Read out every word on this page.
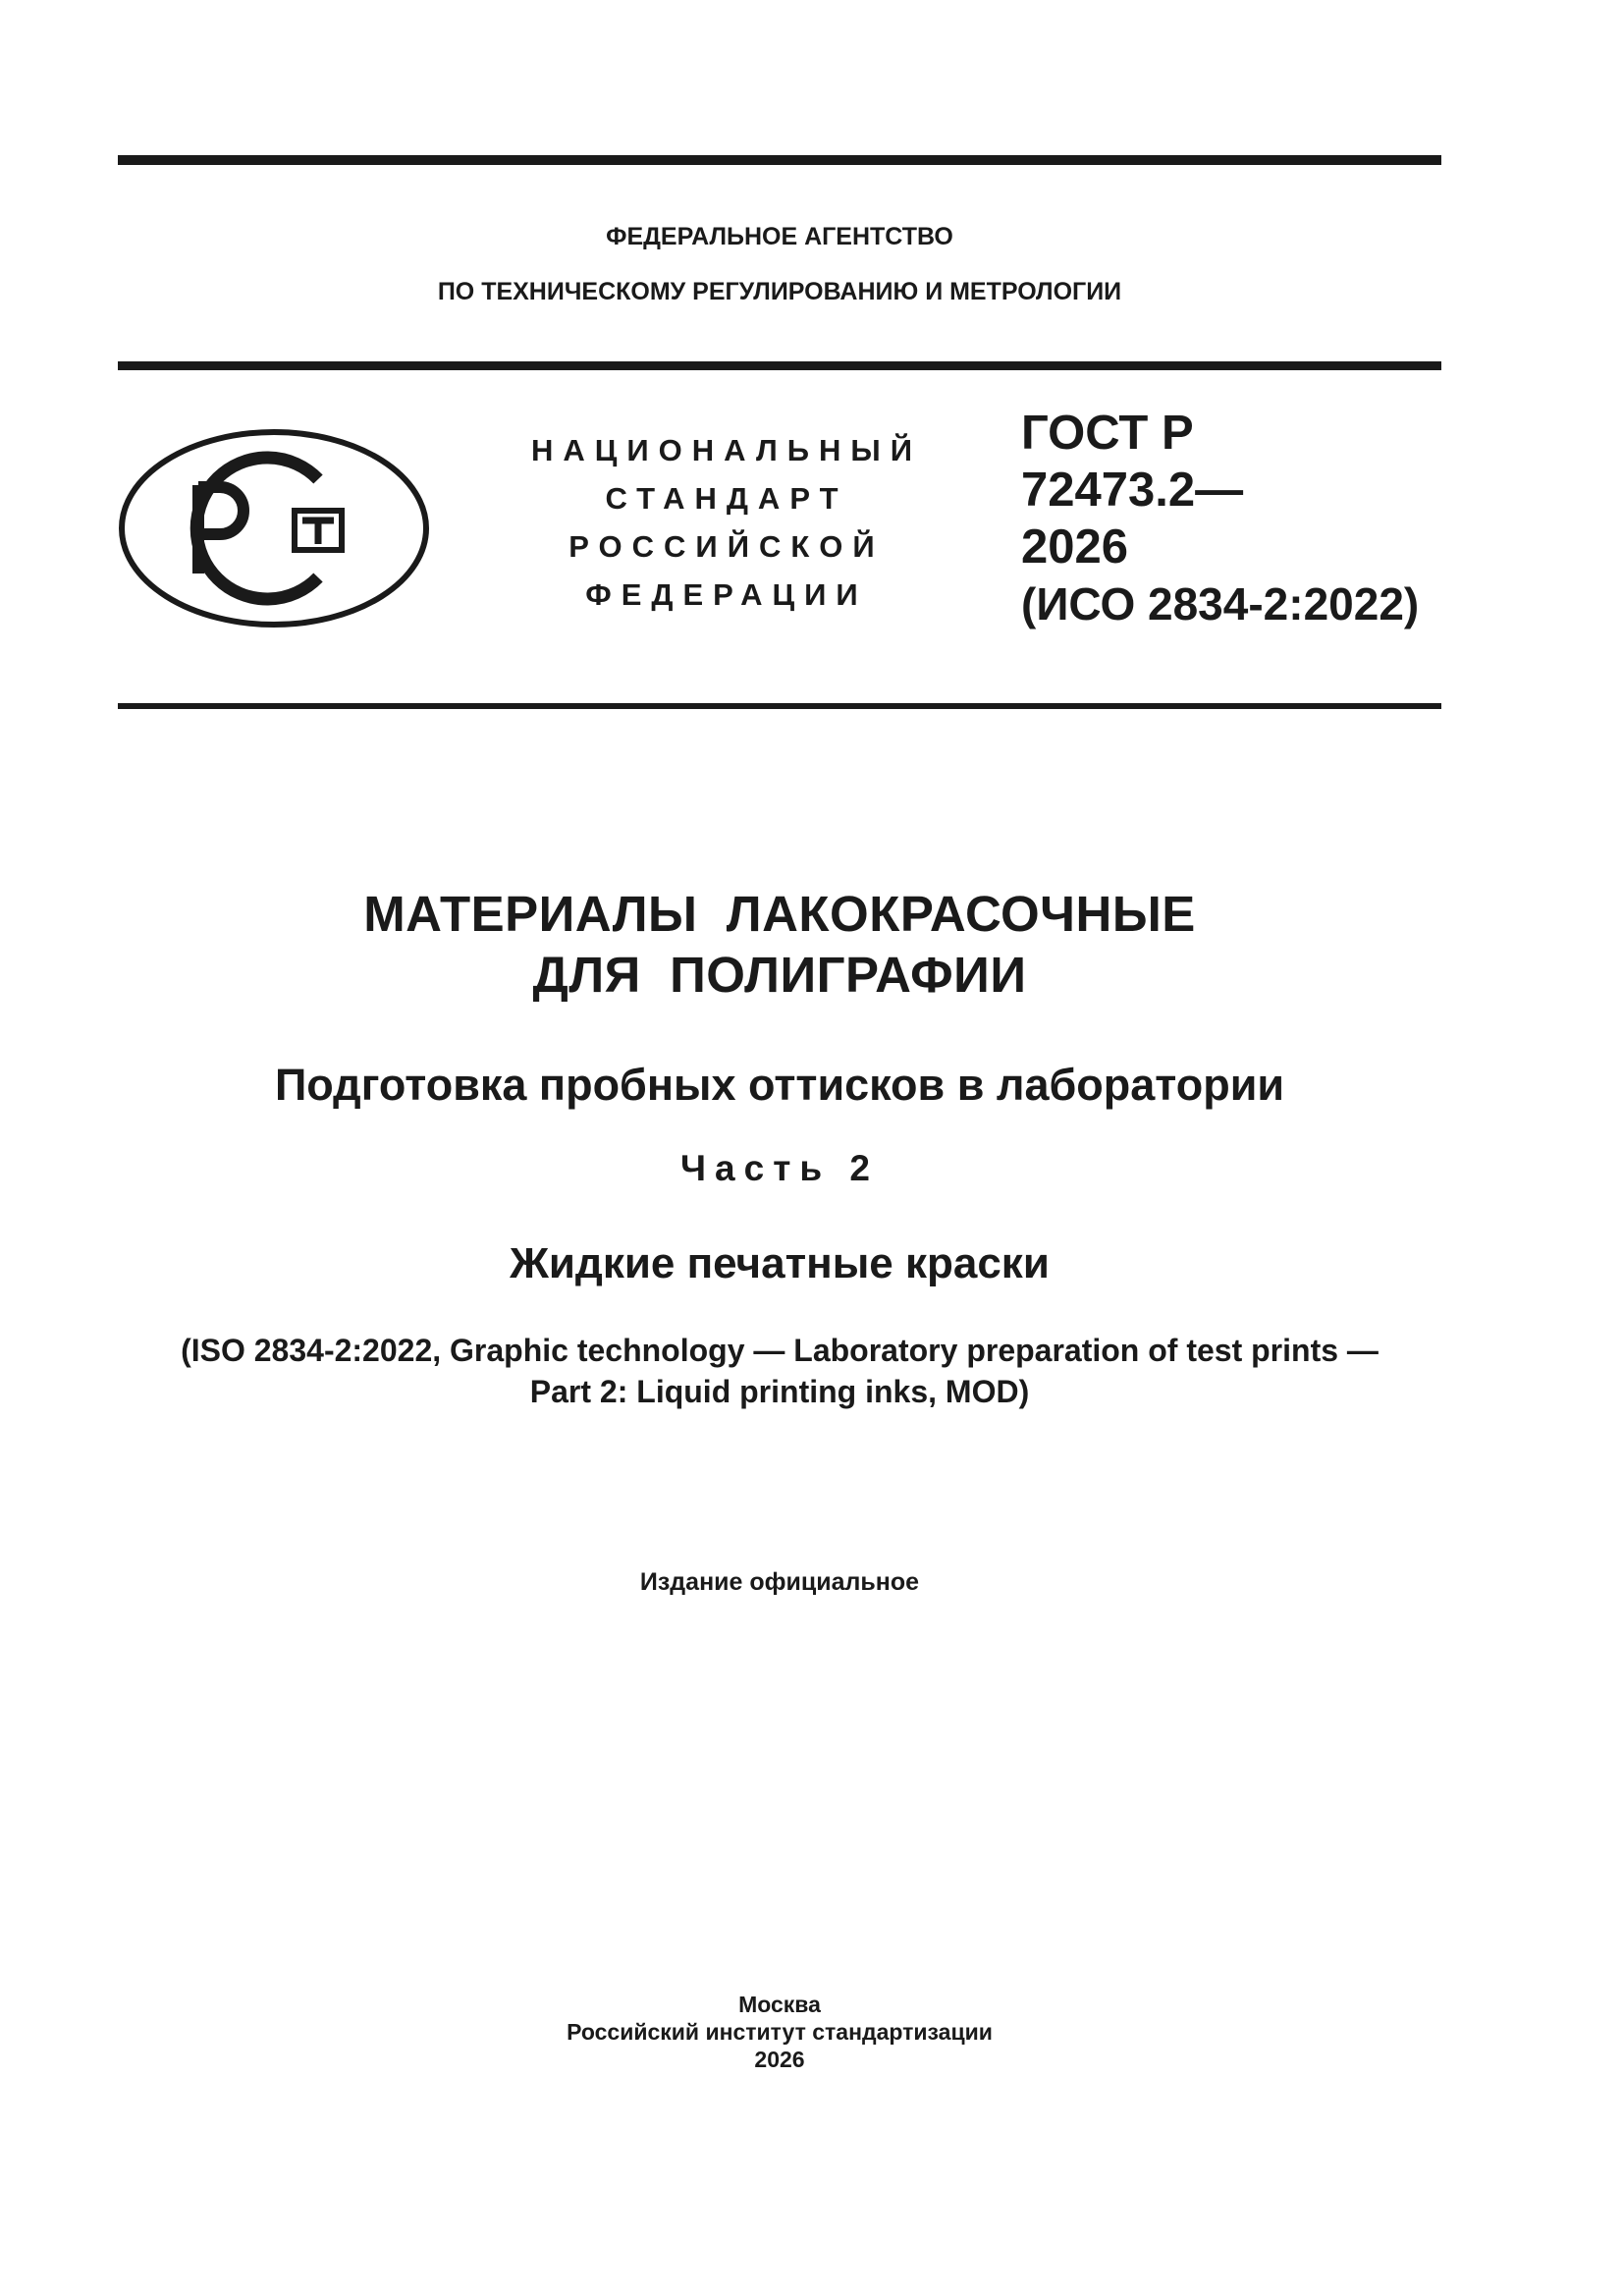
ФЕДЕРАЛЬНОЕ АГЕНТСТВО
ПО ТЕХНИЧЕСКОМУ РЕГУЛИРОВАНИЮ И МЕТРОЛОГИИ
НАЦИОНАЛЬНЫЙ
СТАНДАРТ
РОССИЙСКОЙ
ФЕДЕРАЦИИ
ГОСТ Р
72473.2—
2026
(ИСО 2834-2:2022)
МАТЕРИАЛЫ  ЛАКОКРАСОЧНЫЕ
ДЛЯ  ПОЛИГРАФИИ
Подготовка пробных оттисков в лаборатории
Часть 2
Жидкие печатные краски
(ISO 2834-2:2022, Graphic technology — Laboratory preparation of test prints —
Part 2: Liquid printing inks, MOD)
Издание официальное
Москва
Российский институт стандартизации
2026
